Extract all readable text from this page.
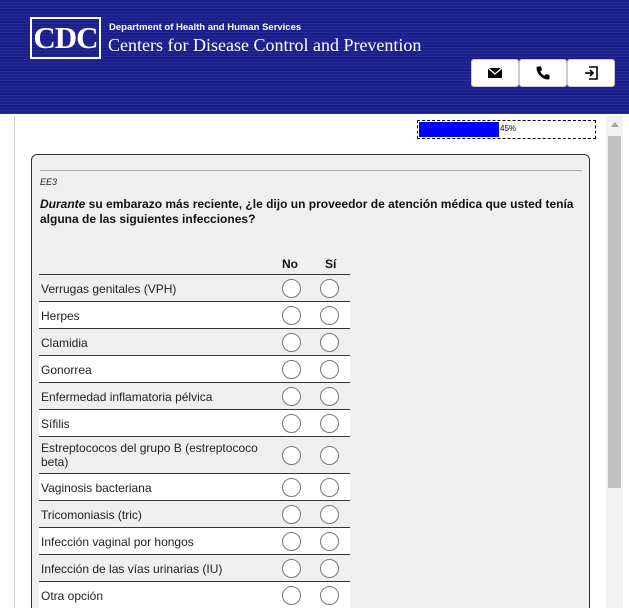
CDC Department of Health and Human Services
Centers for Disease Control and Prevention
45%
EE3
Durante su embarazo más reciente, ¿le dijo un proveedor de atención médica que usted tenía alguna de las siguientes infecciones?
No Sí
Verrugas genitales (VPH)
Herpes
Clamidia
Gonorrea
Enfermedad inflamatoria pélvica
Sífilis
Estreptococos del grupo B (estreptococo beta)
Vaginosis bacteriana
Tricomoniasis (tric)
Infección vaginal por hongos
Infección de las vías urinarias (IU)
Otra opción
